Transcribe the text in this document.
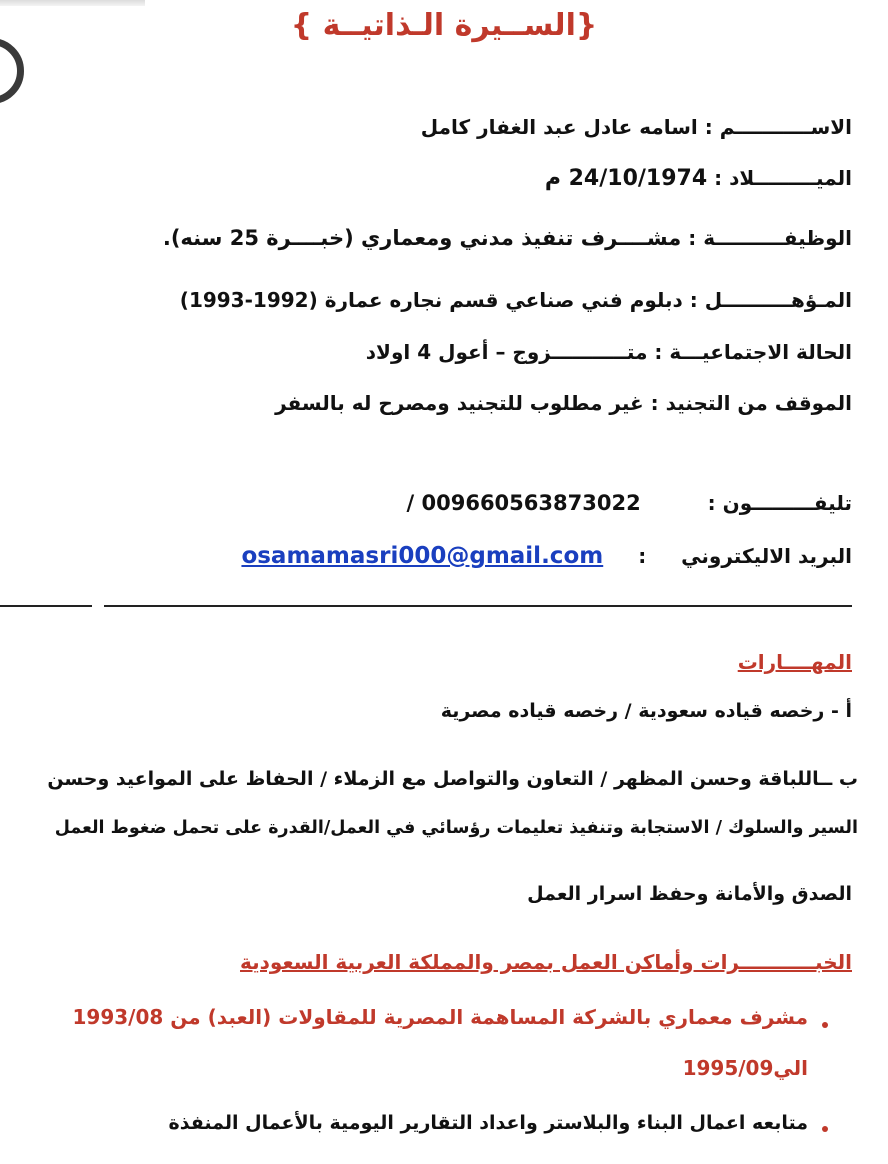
{ الســيرة الـذاتيــة}
الاســـــــــــم : اسامه عادل عبد الغفار كامل
الميـــــــــلاد : 24/10/1974 م
الوظيفــــــــــة : مشــــرف تنفيذ مدني ومعماري (خبــــرة 25 سنه).
المـؤهــــــــــل : دبلوم فني صناعي قسم نجاره عمارة (1992-1993)
الحالة الاجتماعيـــة : متـــــــــــزوج – أعول 4 اولاد
الموقف من التجنيد : غير مطلوب للتجنيد ومصرح له بالسفر
تليفـــــــــون : 009660563873022 /
البريد الاليكتروني : osamamasri000@gmail.com
المهــــارات
أ - رخصه قياده سعودية / رخصه قياده مصرية
ب ــاللباقة وحسن المظهر / التعاون والتواصل مع الزملاء / الحفاظ على المواعيد وحسن
السير والسلوك / الاستجابة وتنفيذ تعليمات رؤسائي في العمل/القدرة على تحمل ضغوط العمل
الصدق والأمانة وحفظ اسرار العمل
الخبـــــــــــرات وأماكن العمل بمصر والمملكة العربية السعودية
مشرف معماري بالشركة المساهمة المصرية للمقاولات (العبد) من 1993/08
الي1995/09
متابعه اعمال البناء والبلاستر واعداد التقارير اليومية بالأعمال المنفذة
